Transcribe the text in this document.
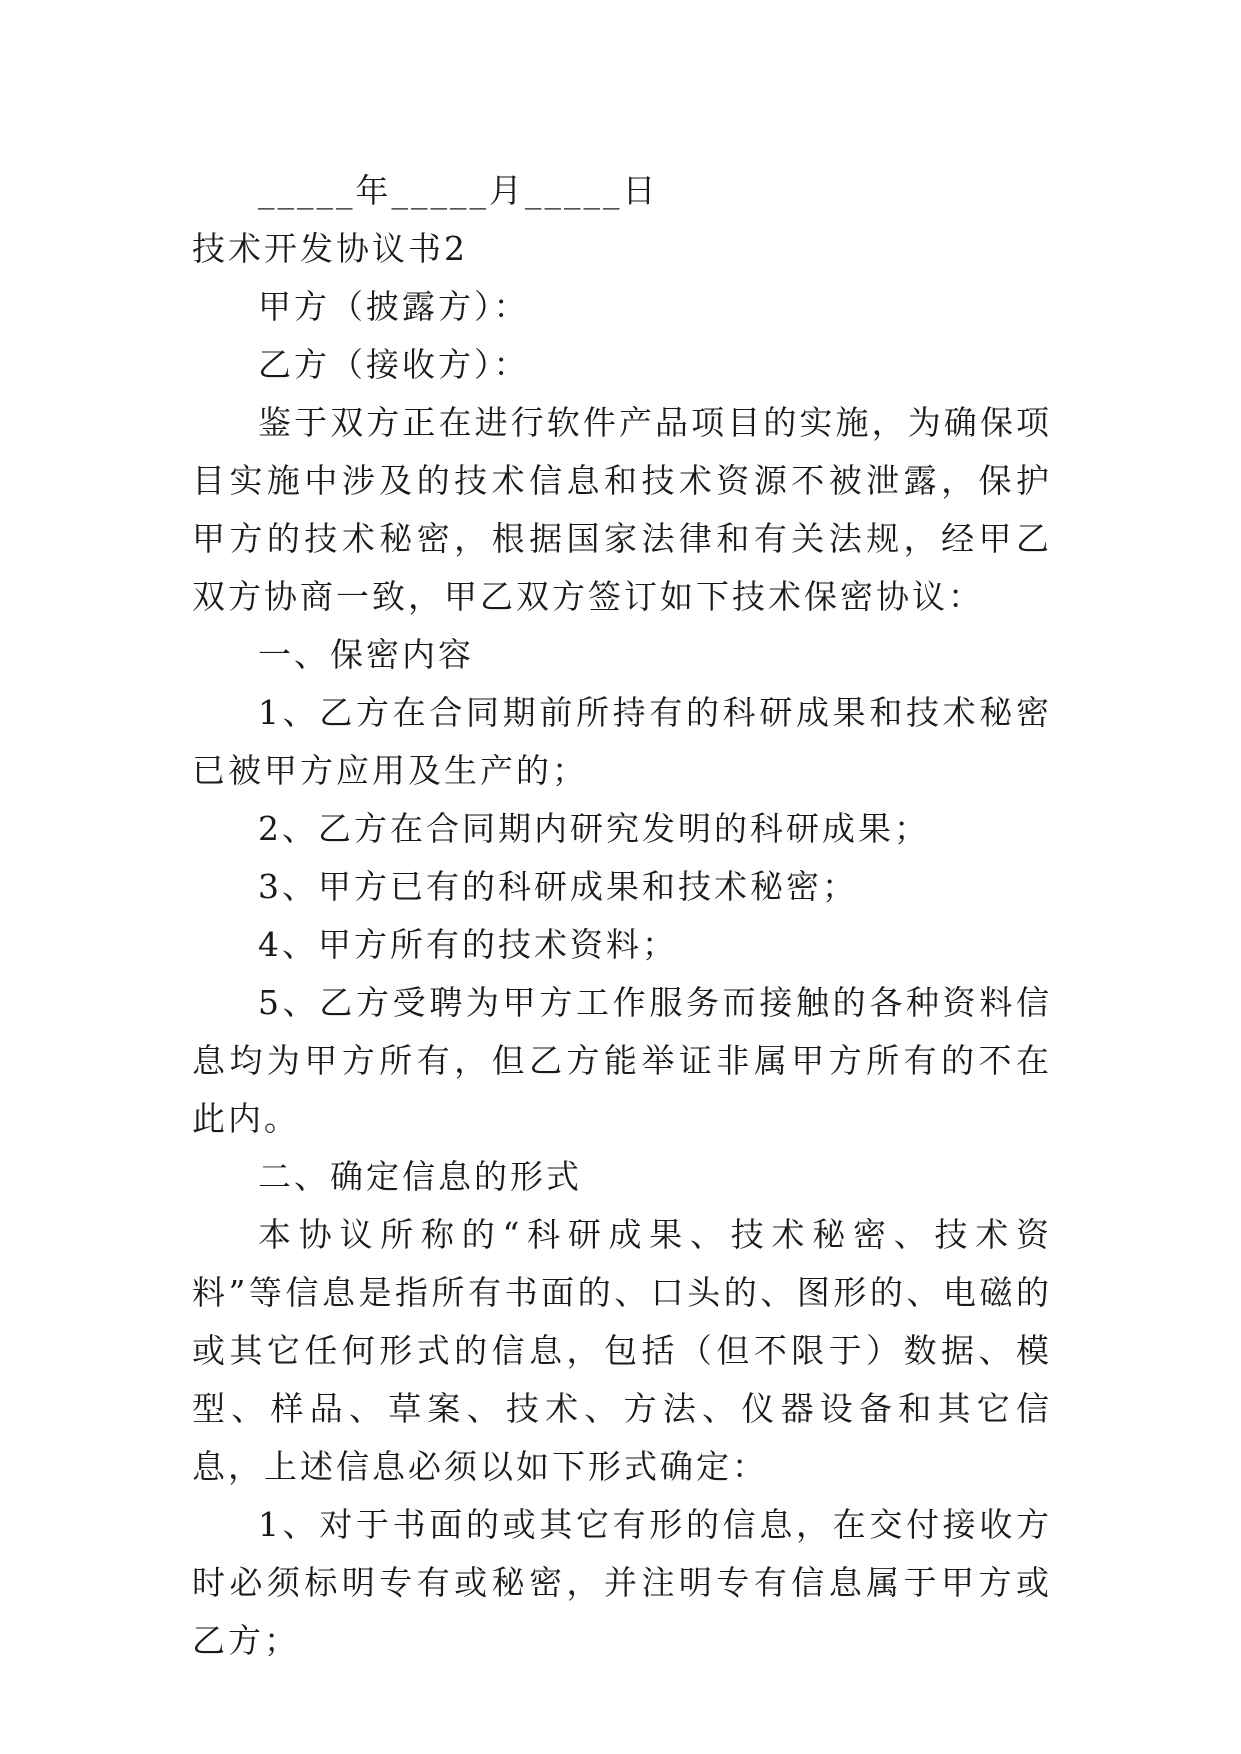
_____年_____月_____日

技术开发协议书2

甲方（披露方）：

乙方（接收方）：

鉴于双方正在进行软件产品项目的实施，为确保项目实施中涉及的技术信息和技术资源不被泄露，保护甲方的技术秘密，根据国家法律和有关法规，经甲乙双方协商一致，甲乙双方签订如下技术保密协议：

一、保密内容

1、乙方在合同期前所持有的科研成果和技术秘密已被甲方应用及生产的；

2、乙方在合同期内研究发明的科研成果；

3、甲方已有的科研成果和技术秘密；

4、甲方所有的技术资料；

5、乙方受聘为甲方工作服务而接触的各种资料信息均为甲方所有，但乙方能举证非属甲方所有的不在此内。

二、确定信息的形式

本协议所称的“科研成果、技术秘密、技术资料”等信息是指所有书面的、口头的、图形的、电磁的或其它任何形式的信息，包括（但不限于）数据、模型、样品、草案、技术、方法、仪器设备和其它信息，上述信息必须以如下形式确定：

1、对于书面的或其它有形的信息，在交付接收方时必须标明专有或秘密，并注明专有信息属于甲方或乙方；
